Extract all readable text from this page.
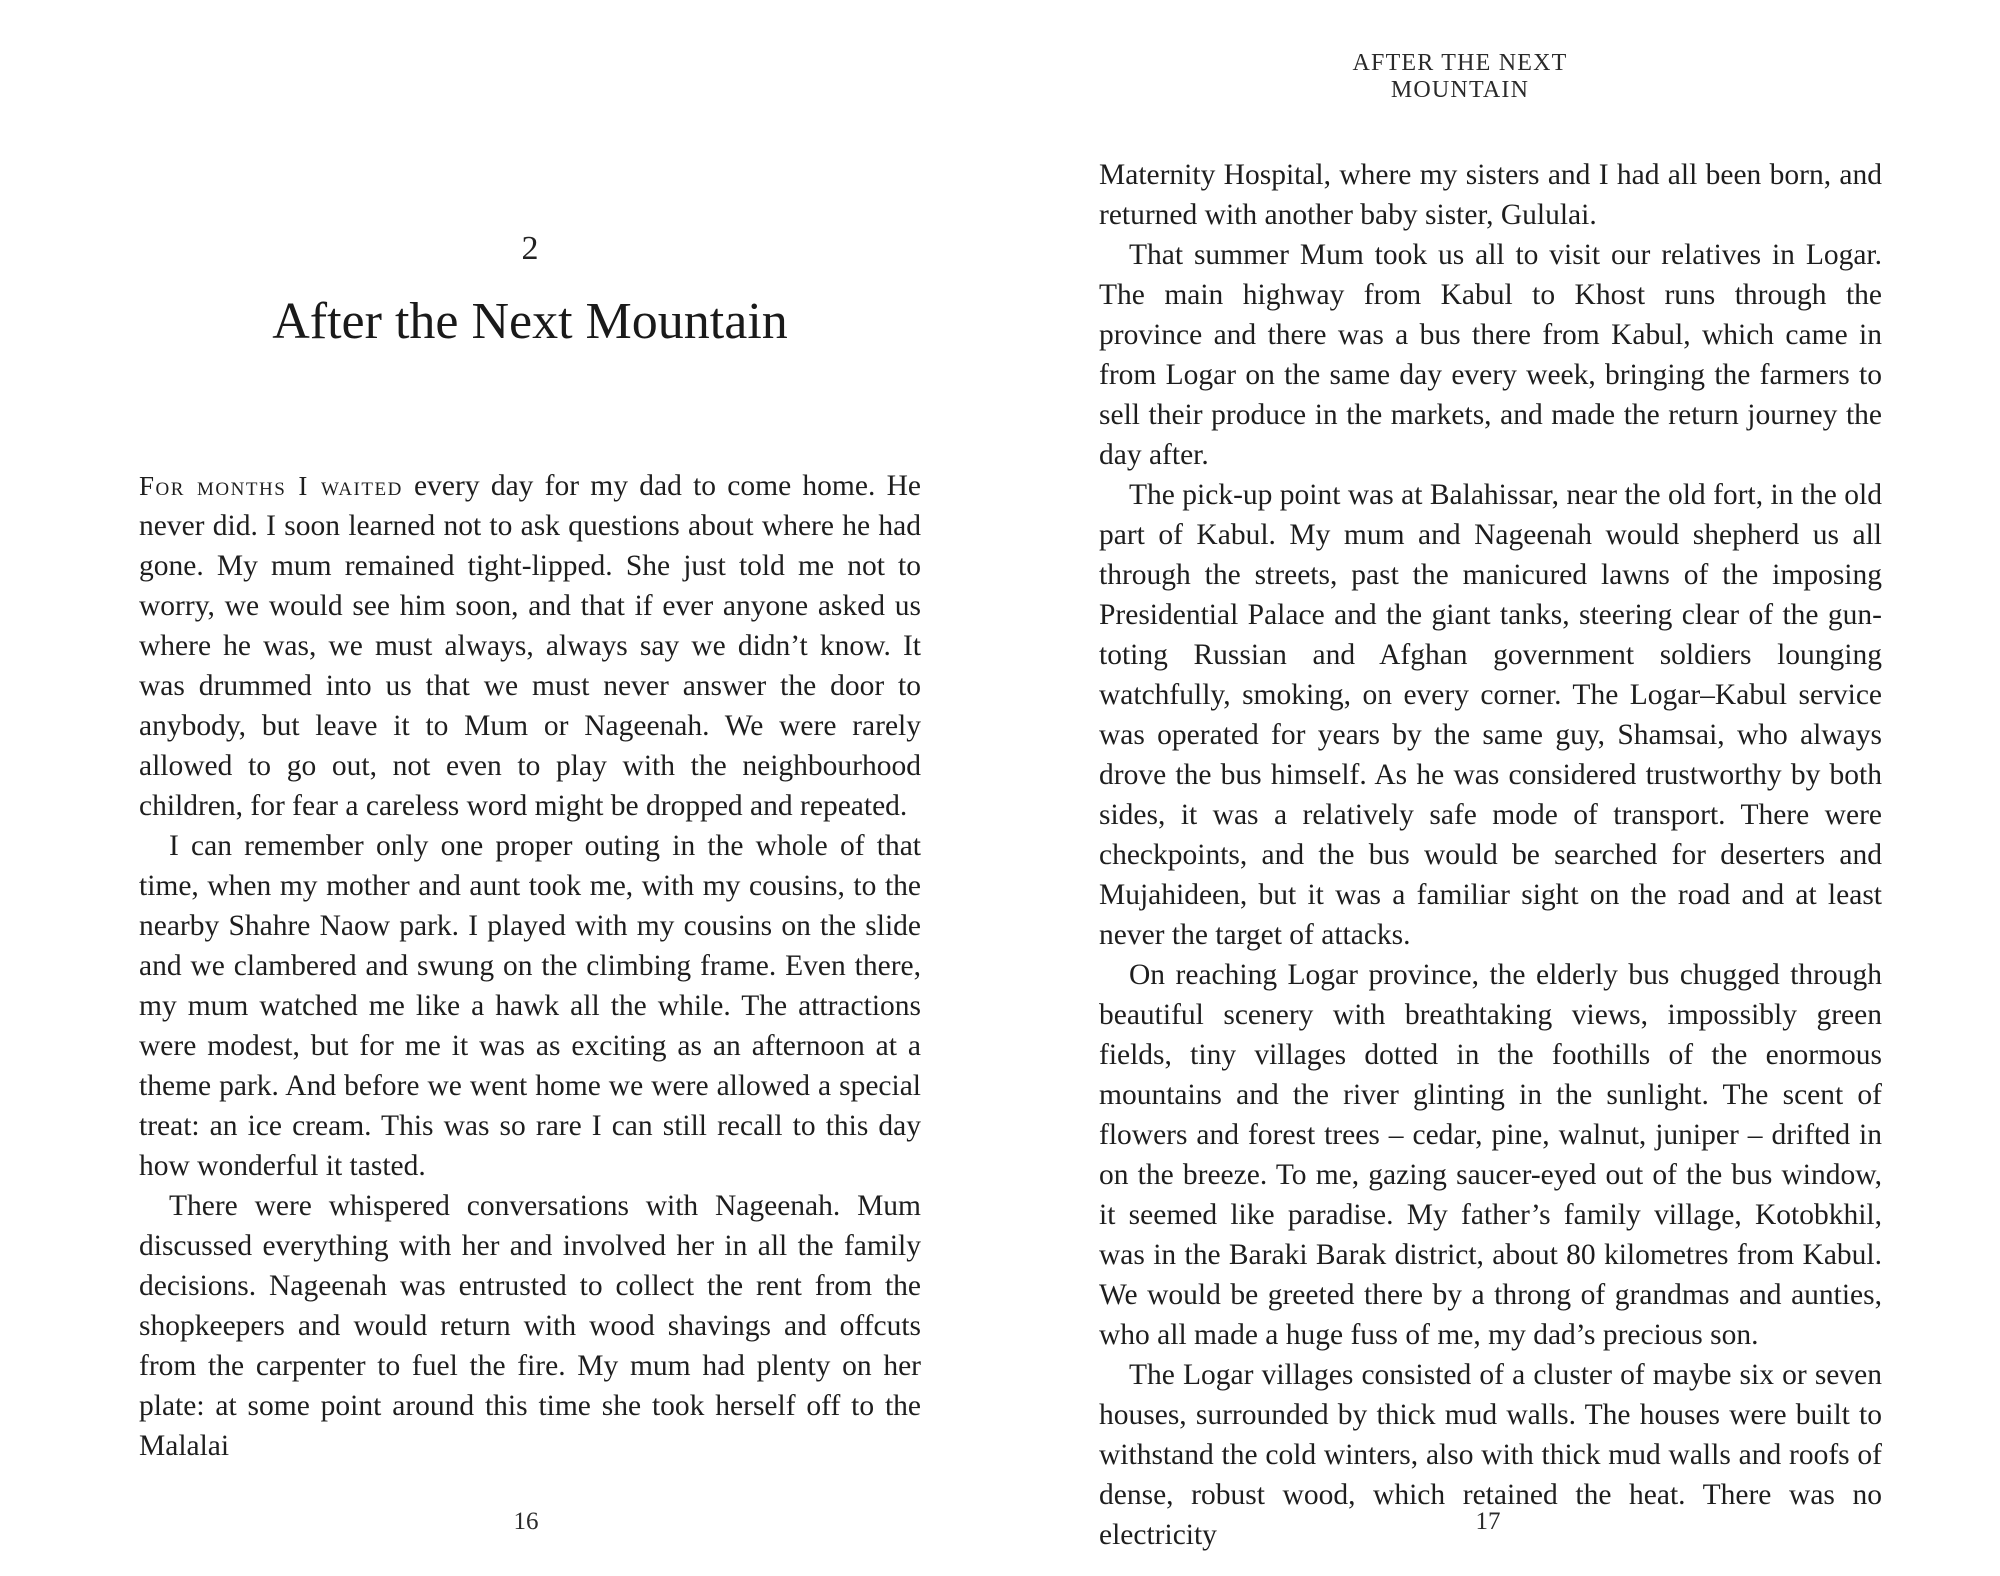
2
After the Next Mountain

For months I waited every day for my dad to come home. He never did. I soon learned not to ask questions about where he had gone. My mum remained tight-lipped. She just told me not to worry, we would see him soon, and that if ever anyone asked us where he was, we must always, always say we didn’t know. It was drummed into us that we must never answer the door to anybody, but leave it to Mum or Nageenah. We were rarely allowed to go out, not even to play with the neighbourhood children, for fear a careless word might be dropped and repeated.

I can remember only one proper outing in the whole of that time, when my mother and aunt took me, with my cousins, to the nearby Shahre Naow park. I played with my cousins on the slide and we clambered and swung on the climbing frame. Even there, my mum watched me like a hawk all the while. The attractions were modest, but for me it was as exciting as an afternoon at a theme park. And before we went home we were allowed a special treat: an ice cream. This was so rare I can still recall to this day how wonderful it tasted.

There were whispered conversations with Nageenah. Mum discussed everything with her and involved her in all the family decisions. Nageenah was entrusted to collect the rent from the shopkeepers and would return with wood shavings and offcuts from the carpenter to fuel the fire. My mum had plenty on her plate: at some point around this time she took herself off to the Malalai

16
AFTER THE NEXT MOUNTAIN

Maternity Hospital, where my sisters and I had all been born, and returned with another baby sister, Gululai.

That summer Mum took us all to visit our relatives in Logar. The main highway from Kabul to Khost runs through the province and there was a bus there from Kabul, which came in from Logar on the same day every week, bringing the farmers to sell their produce in the markets, and made the return journey the day after.

The pick-up point was at Balahissar, near the old fort, in the old part of Kabul. My mum and Nageenah would shepherd us all through the streets, past the manicured lawns of the imposing Presidential Palace and the giant tanks, steering clear of the gun-toting Russian and Afghan government soldiers lounging watchfully, smoking, on every corner. The Logar–Kabul service was operated for years by the same guy, Shamsai, who always drove the bus himself. As he was considered trustworthy by both sides, it was a relatively safe mode of transport. There were checkpoints, and the bus would be searched for deserters and Mujahideen, but it was a familiar sight on the road and at least never the target of attacks.

On reaching Logar province, the elderly bus chugged through beautiful scenery with breathtaking views, impossibly green fields, tiny villages dotted in the foothills of the enormous mountains and the river glinting in the sunlight. The scent of flowers and forest trees – cedar, pine, walnut, juniper – drifted in on the breeze. To me, gazing saucer-eyed out of the bus window, it seemed like paradise. My father’s family village, Kotobkhil, was in the Baraki Barak district, about 80 kilometres from Kabul. We would be greeted there by a throng of grandmas and aunties, who all made a huge fuss of me, my dad’s precious son.

The Logar villages consisted of a cluster of maybe six or seven houses, surrounded by thick mud walls. The houses were built to withstand the cold winters, also with thick mud walls and roofs of dense, robust wood, which retained the heat. There was no electricity	17
